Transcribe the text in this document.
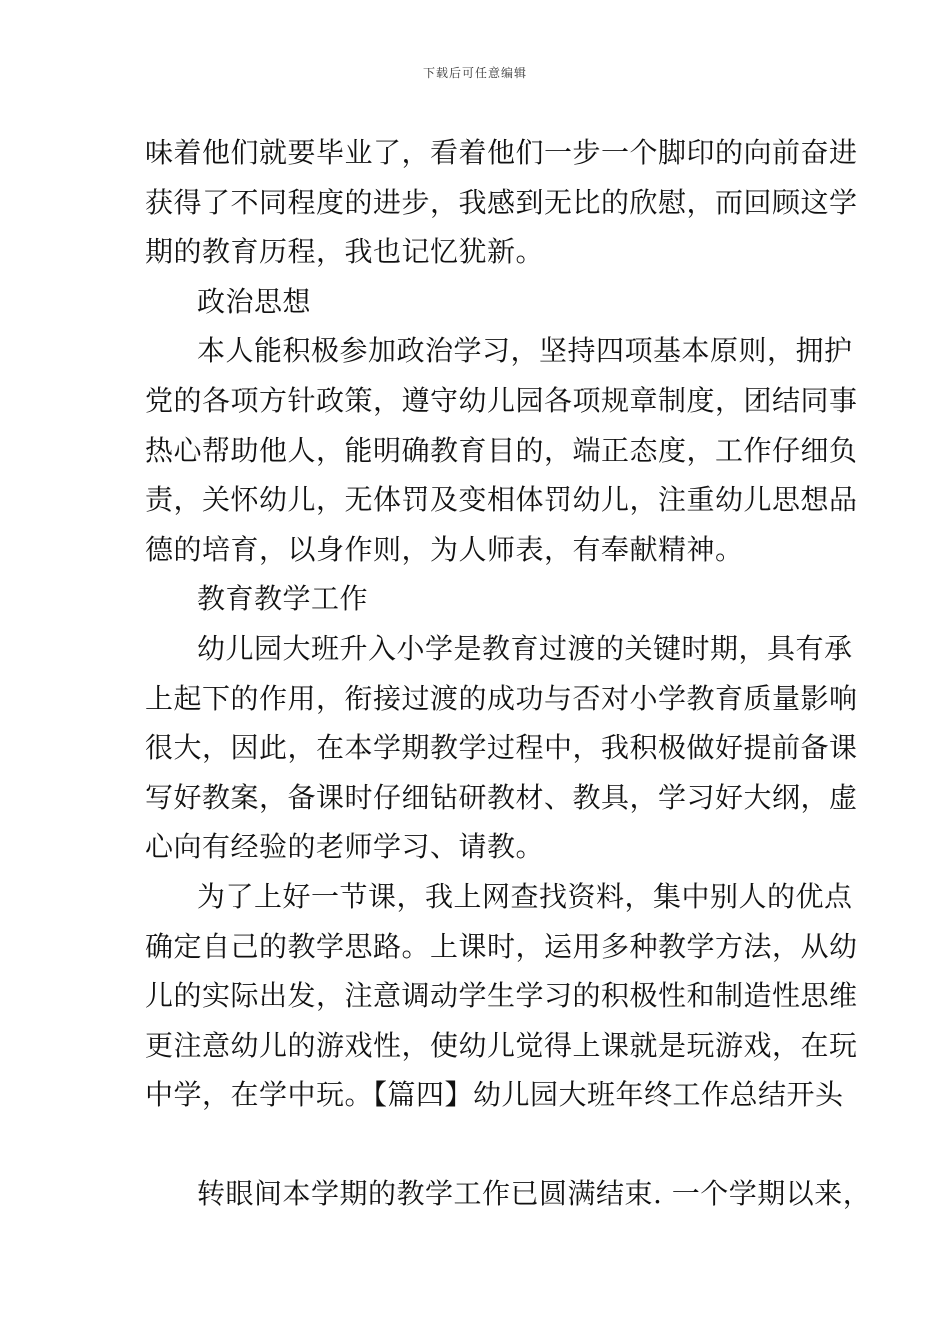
下载后可任意编辑
味着他们就要毕业了，看着他们一步一个脚印的向前奋进
获得了不同程度的进步，我感到无比的欣慰，而回顾这学
期的教育历程，我也记忆犹新。
政治思想
本人能积极参加政治学习，坚持四项基本原则，拥护
党的各项方针政策，遵守幼儿园各项规章制度，团结同事
热心帮助他人，能明确教育目的，端正态度，工作仔细负
责，关怀幼儿，无体罚及变相体罚幼儿，注重幼儿思想品
德的培育，以身作则，为人师表，有奉献精神。
教育教学工作
幼儿园大班升入小学是教育过渡的关键时期，具有承
上起下的作用，衔接过渡的成功与否对小学教育质量影响
很大，因此，在本学期教学过程中，我积极做好提前备课
写好教案，备课时仔细钻研教材、教具，学习好大纲，虚
心向有经验的老师学习、请教。
为了上好一节课，我上网查找资料，集中别人的优点
确定自己的教学思路。上课时，运用多种教学方法，从幼
儿的实际出发，注意调动学生学习的积极性和制造性思维
更注意幼儿的游戏性，使幼儿觉得上课就是玩游戏，在玩
中学，在学中玩。【篇四】幼儿园大班年终工作总结开头
转眼间本学期的教学工作已圆满结束. 一个学期以来，
